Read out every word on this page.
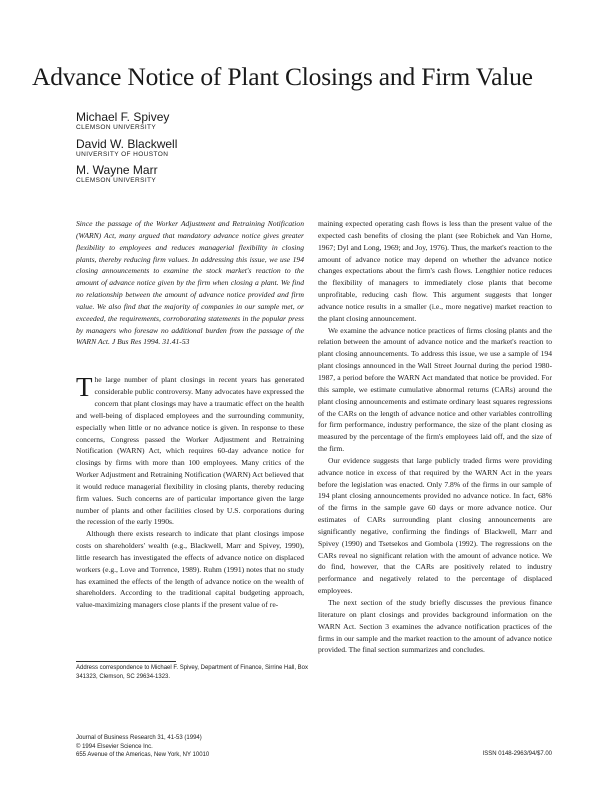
Advance Notice of Plant Closings and Firm Value
Michael F. Spivey
CLEMSON UNIVERSITY
David W. Blackwell
UNIVERSITY OF HOUSTON
M. Wayne Marr
CLEMSON UNIVERSITY

Since the passage of the Worker Adjustment and Retraining Notification (WARN) Act, many argued that mandatory advance notice gives greater flexibility to employees and reduces managerial flexibility in closing plants, thereby reducing firm values. In addressing this issue, we use 194 closing announcements to examine the stock market's reaction to the amount of advance notice given by the firm when closing a plant. We find no relationship between the amount of advance notice provided and firm value. We also find that the majority of companies in our sample met, or exceeded, the requirements, corroborating statements in the popular press by managers who foresaw no additional burden from the passage of the WARN Act. J Bus Res 1994. 31.41-53

The large number of plant closings in recent years has generated considerable public controversy. Many advocates have expressed the concern that plant closings may have a traumatic effect on the health and well-being of displaced employees and the surrounding community, especially when little or no advance notice is given. In response to these concerns, Congress passed the Worker Adjustment and Retraining Notification (WARN) Act, which requires 60-day advance notice for closings by firms with more than 100 employees. Many critics of the Worker Adjustment and Retraining Notification (WARN) Act believed that it would reduce managerial flexibility in closing plants, thereby reducing firm values. Such concerns are of particular importance given the large number of plants and other facilities closed by U.S. corporations during the recession of the early 1990s.

Although there exists research to indicate that plant closings impose costs on shareholders' wealth (e.g., Blackwell, Marr and Spivey, 1990), little research has investigated the effects of advance notice on displaced workers (e.g., Love and Torrence, 1989). Ruhm (1991) notes that no study has examined the effects of the length of advance notice on the wealth of shareholders. According to the traditional capital budgeting approach, value-maximizing managers close plants if the present value of re-

maining expected operating cash flows is less than the present value of the expected cash benefits of closing the plant (see Robichek and Van Horne, 1967; Dyl and Long, 1969; and Joy, 1976). Thus, the market's reaction to the amount of advance notice may depend on whether the advance notice changes expectations about the firm's cash flows. Lengthier notice reduces the flexibility of managers to immediately close plants that become unprofitable, reducing cash flow. This argument suggests that longer advance notice results in a smaller (i.e., more negative) market reaction to the plant closing announcement.

We examine the advance notice practices of firms closing plants and the relation between the amount of advance notice and the market's reaction to plant closing announcements. To address this issue, we use a sample of 194 plant closings announced in the Wall Street Journal during the period 1980-1987, a period before the WARN Act mandated that notice be provided. For this sample, we estimate cumulative abnormal returns (CARs) around the plant closing announcements and estimate ordinary least squares regressions of the CARs on the length of advance notice and other variables controlling for firm performance, industry performance, the size of the plant closing as measured by the percentage of the firm's employees laid off, and the size of the firm.

Our evidence suggests that large publicly traded firms were providing advance notice in excess of that required by the WARN Act in the years before the legislation was enacted. Only 7.8% of the firms in our sample of 194 plant closing announcements provided no advance notice. In fact, 68% of the firms in the sample gave 60 days or more advance notice. Our estimates of CARs surrounding plant closing announcements are significantly negative, confirming the findings of Blackwell, Marr and Spivey (1990) and Tsetsekos and Gombola (1992). The regressions on the CARs reveal no significant relation with the amount of advance notice. We do find, however, that the CARs are positively related to industry performance and negatively related to the percentage of displaced employees.

The next section of the study briefly discusses the previous finance literature on plant closings and provides background information on the WARN Act. Section 3 examines the advance notification practices of the firms in our sample and the market reaction to the amount of advance notice provided. The final section summarizes and concludes.

Address correspondence to Michael F. Spivey, Department of Finance, Sirrine Hall, Box 341323, Clemson, SC 29634-1323.
Journal of Business Research 31, 41-53 (1994)
© 1994 Elsevier Science Inc.
655 Avenue of the Americas, New York, NY 10010	ISSN 0148-2963/94/$7.00
